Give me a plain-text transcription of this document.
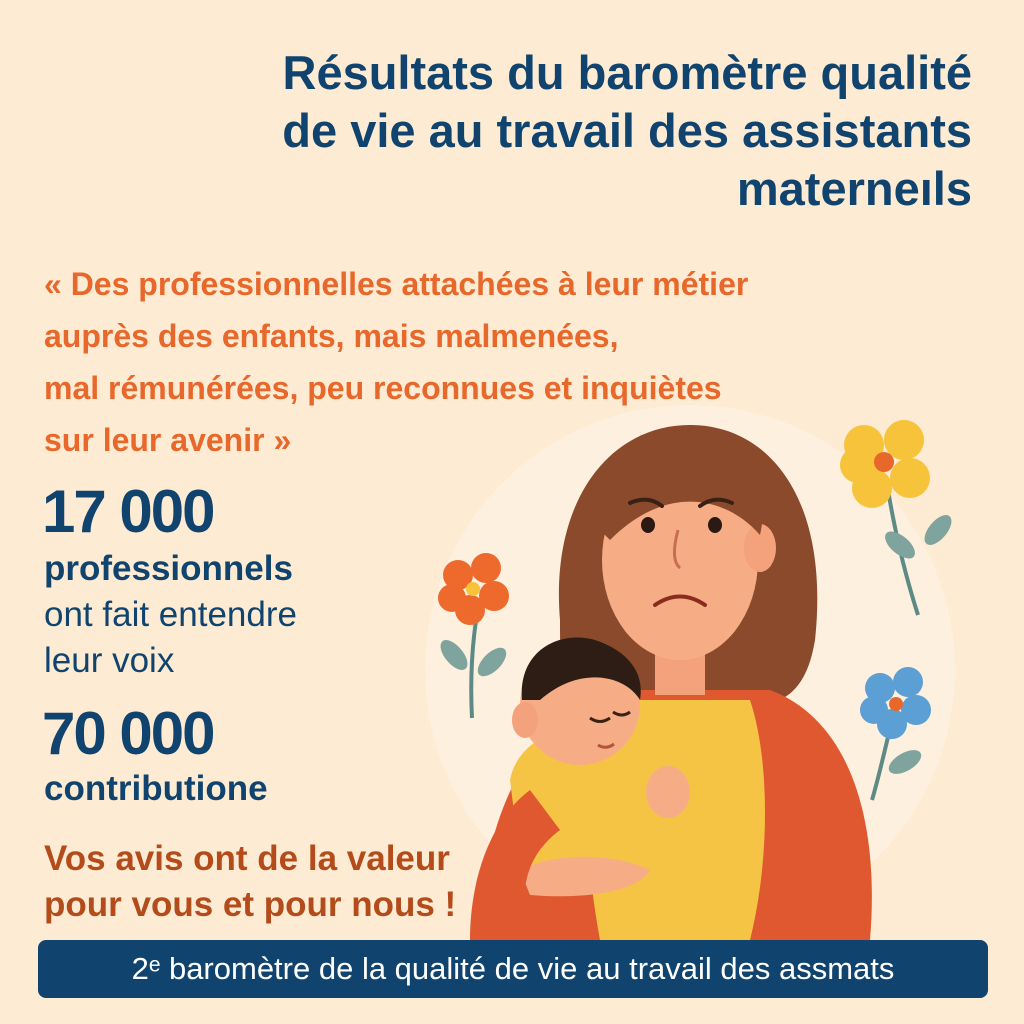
Résultats du baromètre qualité
de vie au travail des assistants
materneıls
« Des professionnelles attachées à leur métier
auprès des enfants, mais malmenées,
mal rémunérées, peu reconnues et inquiètes
sur leur avenir »
17 000
professionnels
ont fait entendre
leur voix
70 000
contributione
Vos avis ont de la valeur
pour vous et pour nous !
2ᵉ baromètre de la qualité de vie au travail des assmats
